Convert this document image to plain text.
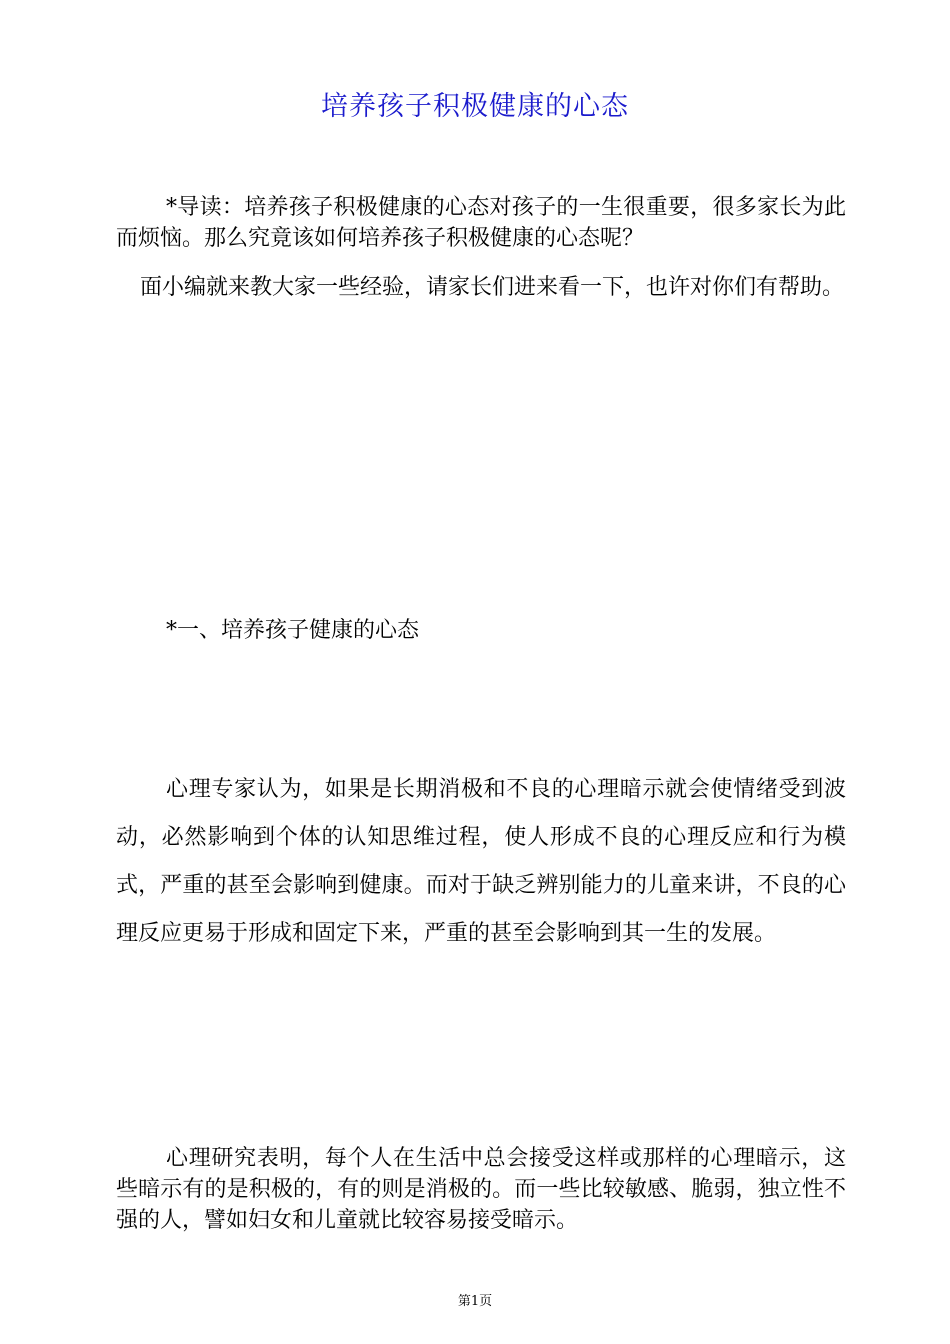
培养孩子积极健康的心态

*导读：培养孩子积极健康的心态对孩子的一生很重要，很多家长为此而烦恼。那么究竟该如何培养孩子积极健康的心态呢？

面小编就来教大家一些经验，请家长们进来看一下，也许对你们有帮助。

*一、培养孩子健康的心态

心理专家认为，如果是长期消极和不良的心理暗示就会使情绪受到波动，必然影响到个体的认知思维过程，使人形成不良的心理反应和行为模式，严重的甚至会影响到健康。而对于缺乏辨别能力的儿童来讲，不良的心理反应更易于形成和固定下来，严重的甚至会影响到其一生的发展。

心理研究表明，每个人在生活中总会接受这样或那样的心理暗示，这些暗示有的是积极的，有的则是消极的。而一些比较敏感、脆弱，独立性不强的人，譬如妇女和儿童就比较容易接受暗示。

第1页
